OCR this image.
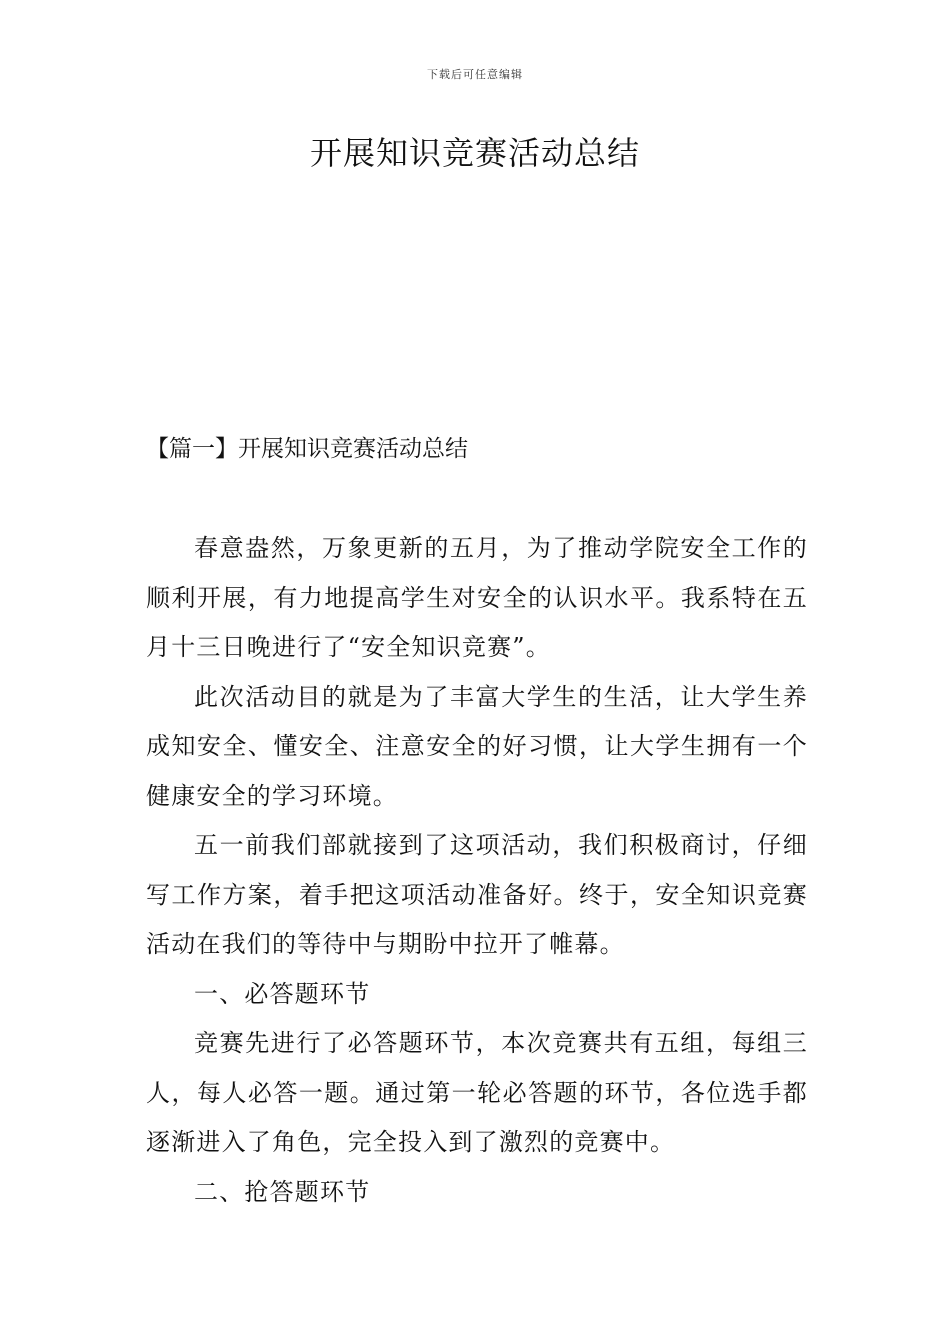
下载后可任意编辑
开展知识竞赛活动总结
【篇一】开展知识竞赛活动总结

春意盎然，万象更新的五月，为了推动学院安全工作的顺利开展，有力地提高学生对安全的认识水平。我系特在五月十三日晚进行了“安全知识竞赛”。

此次活动目的就是为了丰富大学生的生活，让大学生养成知安全、懂安全、注意安全的好习惯，让大学生拥有一个健康安全的学习环境。

五一前我们部就接到了这项活动，我们积极商讨，仔细写工作方案，着手把这项活动准备好。终于，安全知识竞赛活动在我们的等待中与期盼中拉开了帷幕。

一、必答题环节

竞赛先进行了必答题环节，本次竞赛共有五组，每组三人，每人必答一题。通过第一轮必答题的环节，各位选手都逐渐进入了角色，完全投入到了激烈的竞赛中。

二、抢答题环节
